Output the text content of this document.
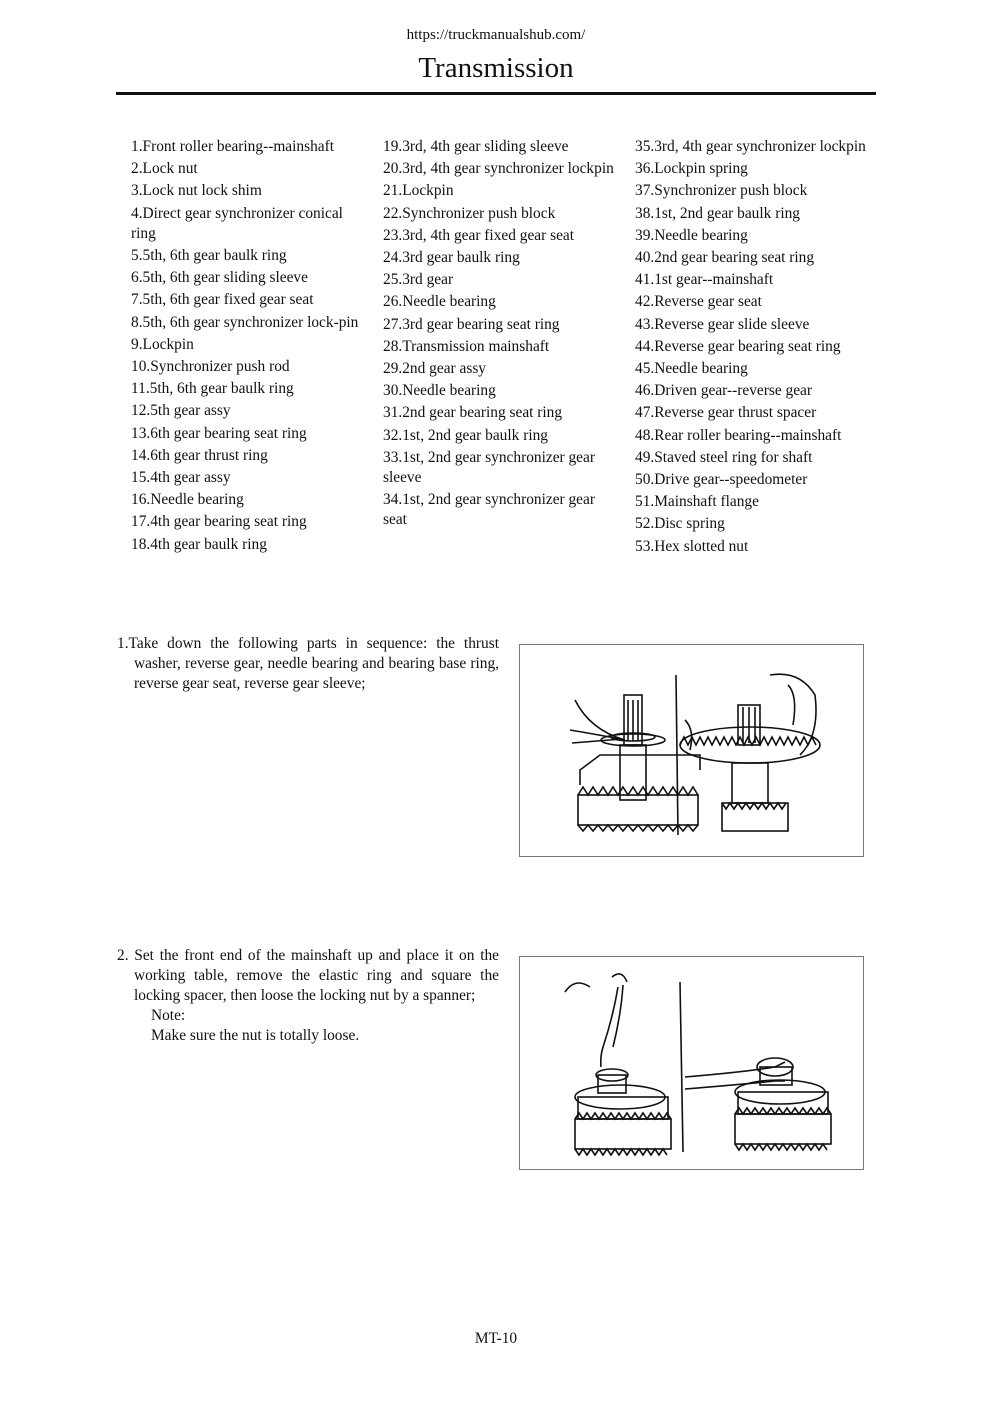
https://truckmanualshub.com/
Transmission
1.Front roller bearing--mainshaft
2.Lock nut
3.Lock nut lock shim
4.Direct gear synchronizer conical ring
5.5th, 6th gear baulk ring
6.5th, 6th gear sliding sleeve
7.5th, 6th gear fixed gear seat
8.5th, 6th gear synchronizer lock-pin
9.Lockpin
10.Synchronizer push rod
11.5th, 6th gear baulk ring
12.5th gear assy
13.6th gear bearing seat ring
14.6th gear thrust ring
15.4th gear assy
16.Needle bearing
17.4th gear bearing seat ring
18.4th gear baulk ring
19.3rd, 4th gear sliding sleeve
20.3rd, 4th gear synchronizer lockpin
21.Lockpin
22.Synchronizer push block
23.3rd, 4th gear fixed gear seat
24.3rd gear baulk ring
25.3rd gear
26.Needle bearing
27.3rd gear bearing seat ring
28.Transmission mainshaft
29.2nd gear assy
30.Needle bearing
31.2nd gear bearing seat ring
32.1st, 2nd gear baulk ring
33.1st, 2nd gear synchronizer gear sleeve
34.1st, 2nd gear synchronizer gear seat
35.3rd, 4th gear synchronizer lockpin
36.Lockpin spring
37.Synchronizer push block
38.1st, 2nd gear baulk ring
39.Needle bearing
40.2nd gear bearing seat ring
41.1st gear--mainshaft
42.Reverse gear seat
43.Reverse gear slide sleeve
44.Reverse gear bearing seat ring
45.Needle bearing
46.Driven gear--reverse gear
47.Reverse gear thrust spacer
48.Rear roller bearing--mainshaft
49.Staved steel ring for shaft
50.Drive gear--speedometer
51.Mainshaft flange
52.Disc spring
53.Hex slotted nut

1.Take down the following parts in sequence: the thrust washer, reverse gear, needle bearing and bearing base ring, reverse gear seat, reverse gear sleeve;

2. Set the front end of the mainshaft up and place it on the working table, remove the elastic ring and square the locking spacer, then loose the locking nut by a spanner;

Note:

Make sure the nut is totally loose.

MT-10
